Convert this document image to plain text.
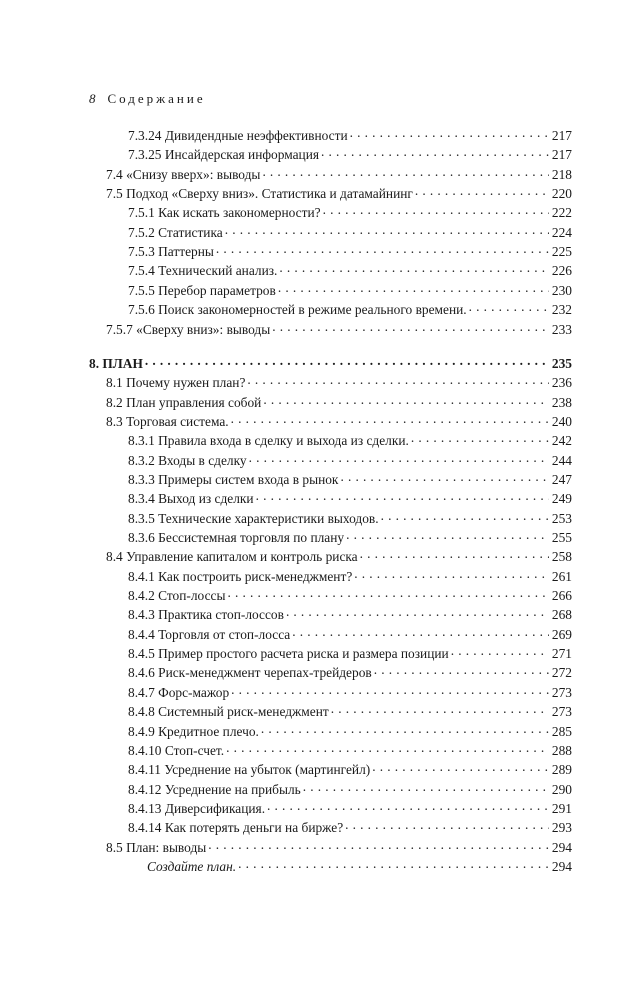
8 Содержание
7.3.24 Дивидендные неэффективности . . .	217
7.3.25 Инсайдерская информация . . .	217
7.4 «Снизу вверх»: выводы . . .	218
7.5 Подход «Сверху вниз». Статистика и датамайнинг . . .	220
7.5.1 Как искать закономерности? . . .	222
7.5.2 Статистика . . .	224
7.5.3 Паттерны . . .	225
7.5.4 Технический анализ. . . .	226
7.5.5 Перебор параметров . . .	230
7.5.6 Поиск закономерностей в режиме реального времени. . . .	232
7.5.7 «Сверху вниз»: выводы . . .	233
8. ПЛАН . . .	235
8.1 Почему нужен план? . . .	236
8.2 План управления собой . . .	238
8.3 Торговая система. . . .	240
8.3.1 Правила входа в сделку и выхода из сделки. . . .	242
8.3.2 Входы в сделку . . .	244
8.3.3 Примеры систем входа в рынок . . .	247
8.3.4 Выход из сделки . . .	249
8.3.5 Технические характеристики выходов. . . .	253
8.3.6 Бессистемная торговля по плану . . .	255
8.4 Управление капиталом и контроль риска . . .	258
8.4.1 Как построить риск-менеджмент? . . .	261
8.4.2 Стоп-лоссы . . .	266
8.4.3 Практика стоп-лоссов . . .	268
8.4.4 Торговля от стоп-лосса . . .	269
8.4.5 Пример простого расчета риска и размера позиции . . .	271
8.4.6 Риск-менеджмент черепах-трейдеров . . .	272
8.4.7 Форс-мажор . . .	273
8.4.8 Системный риск-менеджмент . . .	273
8.4.9 Кредитное плечо. . . .	285
8.4.10 Стоп-счет. . . .	288
8.4.11 Усреднение на убыток (мартингейл) . . .	289
8.4.12 Усреднение на прибыль . . .	290
8.4.13 Диверсификация. . . .	291
8.4.14 Как потерять деньги на бирже? . . .	293
8.5 План: выводы . . .	294
Создайте план. . . .	294
